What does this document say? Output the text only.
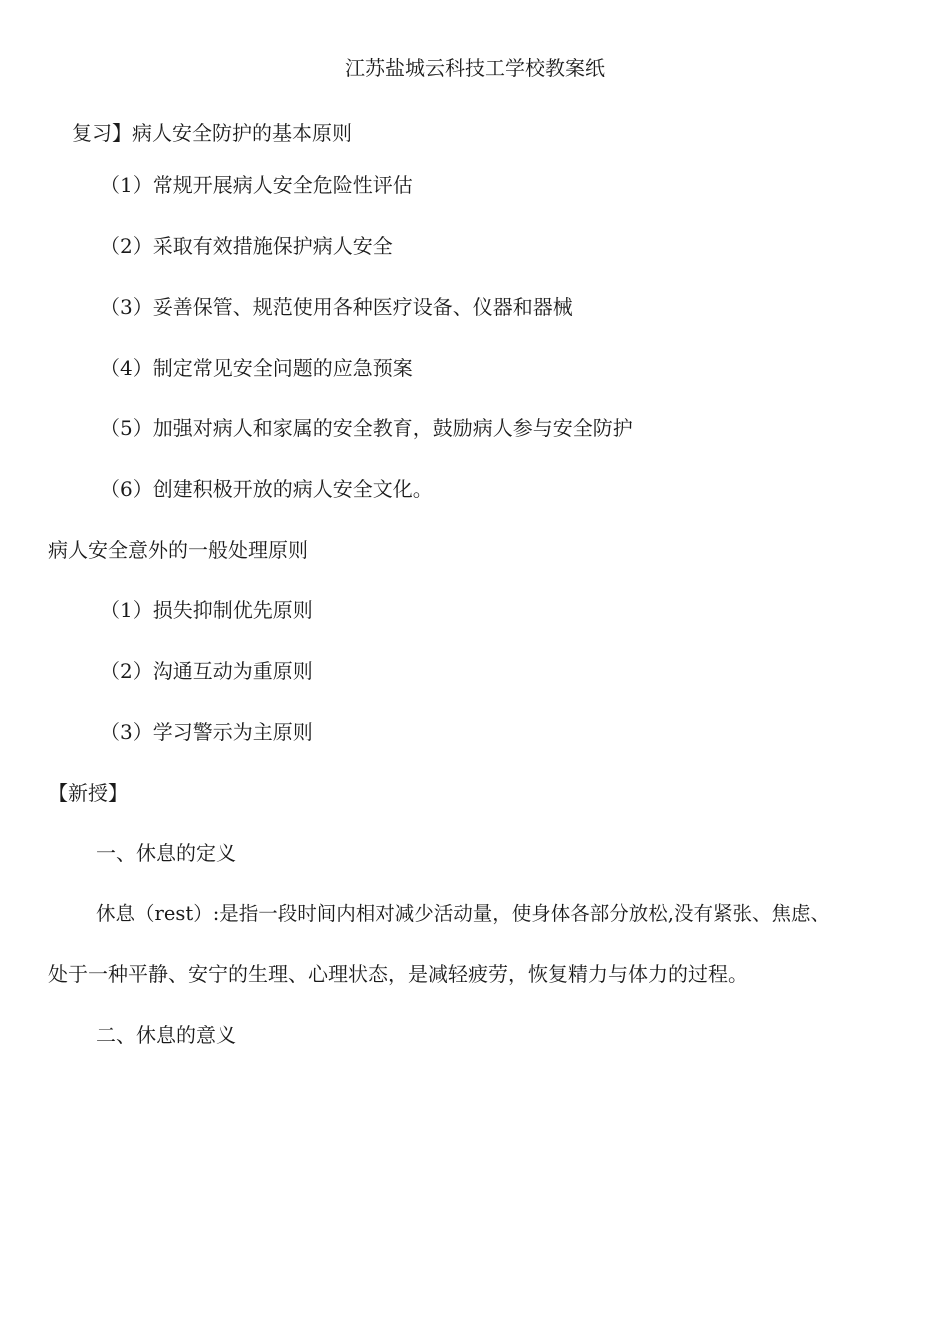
江苏盐城云科技工学校教案纸
复习】病人安全防护的基本原则
（1）常规开展病人安全危险性评估
（2）采取有效措施保护病人安全
（3）妥善保管、规范使用各种医疗设备、仪器和器械
（4）制定常见安全问题的应急预案
（5）加强对病人和家属的安全教育，鼓励病人参与安全防护
（6）创建积极开放的病人安全文化。
病人安全意外的一般处理原则
（1）损失抑制优先原则
（2）沟通互动为重原则
（3）学习警示为主原则
【新授】
一、休息的定义
休息（rest）:是指一段时间内相对减少活动量，使身体各部分放松,没有紧张、焦虑、
处于一种平静、安宁的生理、心理状态，是减轻疲劳，恢复精力与体力的过程。
二、休息的意义
